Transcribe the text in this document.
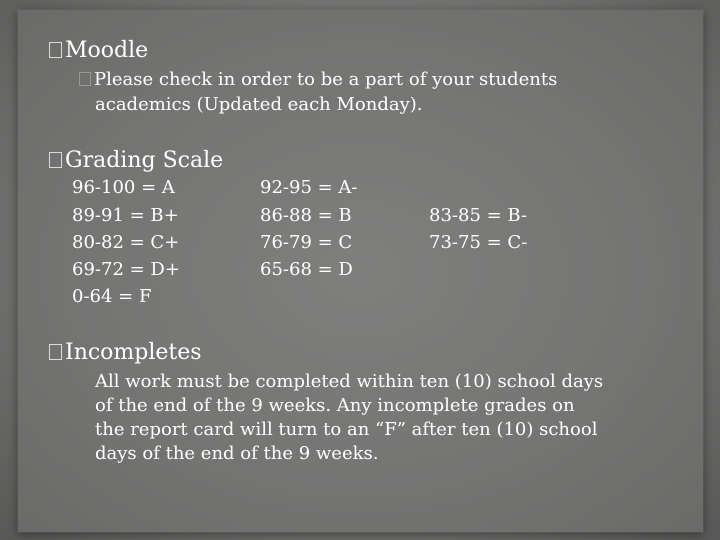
Moodle
Please check in order to be a part of your students
academics (Updated each Monday).
Grading Scale
96-100 = A
89-91 = B+
80-82 = C+
69-72 = D+
0-64 = F
92-95 = A-
86-88 = B
76-79 = C
65-68 = D
83-85 = B-
73-75 = C-
Incompletes
All work must be completed within ten (10) school days
of the end of the 9 weeks. Any incomplete grades on
the report card will turn to an “F” after ten (10) school
days of the end of the 9 weeks.
